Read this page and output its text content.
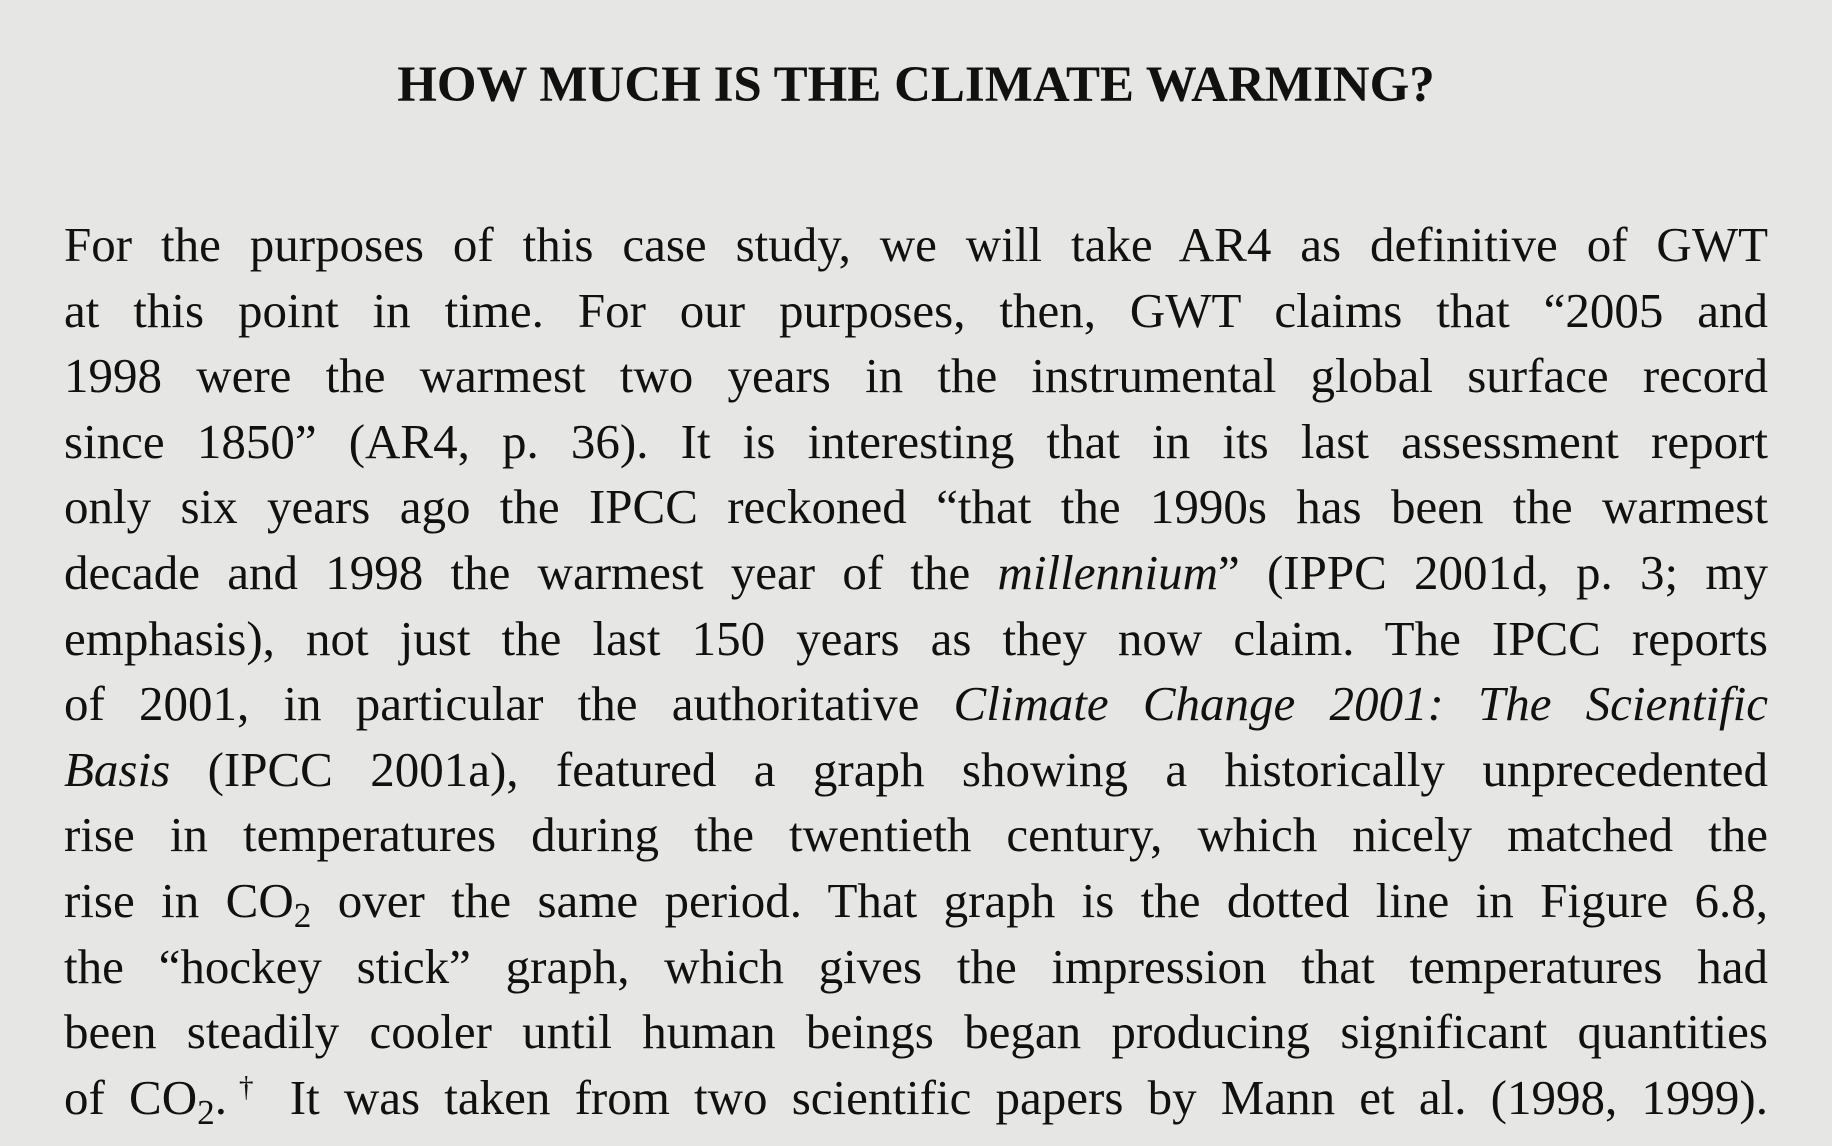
HOW MUCH IS THE CLIMATE WARMING?

For the purposes of this case study, we will take AR4 as definitive of GWT
at this point in time. For our purposes, then, GWT claims that “2005 and
1998 were the warmest two years in the instrumental global surface record
since 1850” (AR4, p. 36). It is interesting that in its last assessment report
only six years ago the IPCC reckoned “that the 1990s has been the warmest
decade and 1998 the warmest year of the millennium” (IPPC 2001d, p. 3; my
emphasis), not just the last 150 years as they now claim. The IPCC reports
of 2001, in particular the authoritative Climate Change 2001: The Scientific
Basis (IPCC 2001a), featured a graph showing a historically unprecedented
rise in temperatures during the twentieth century, which nicely matched the
rise in $CO_2$ over the same period. That graph is the dotted line in Figure 6.8,
the “hockey stick” graph, which gives the impression that temperatures had
been steadily cooler until human beings began producing significant quantities
of $CO_2.^\dagger$ It was taken from two scientific papers by Mann et al. (1998, 1999).
